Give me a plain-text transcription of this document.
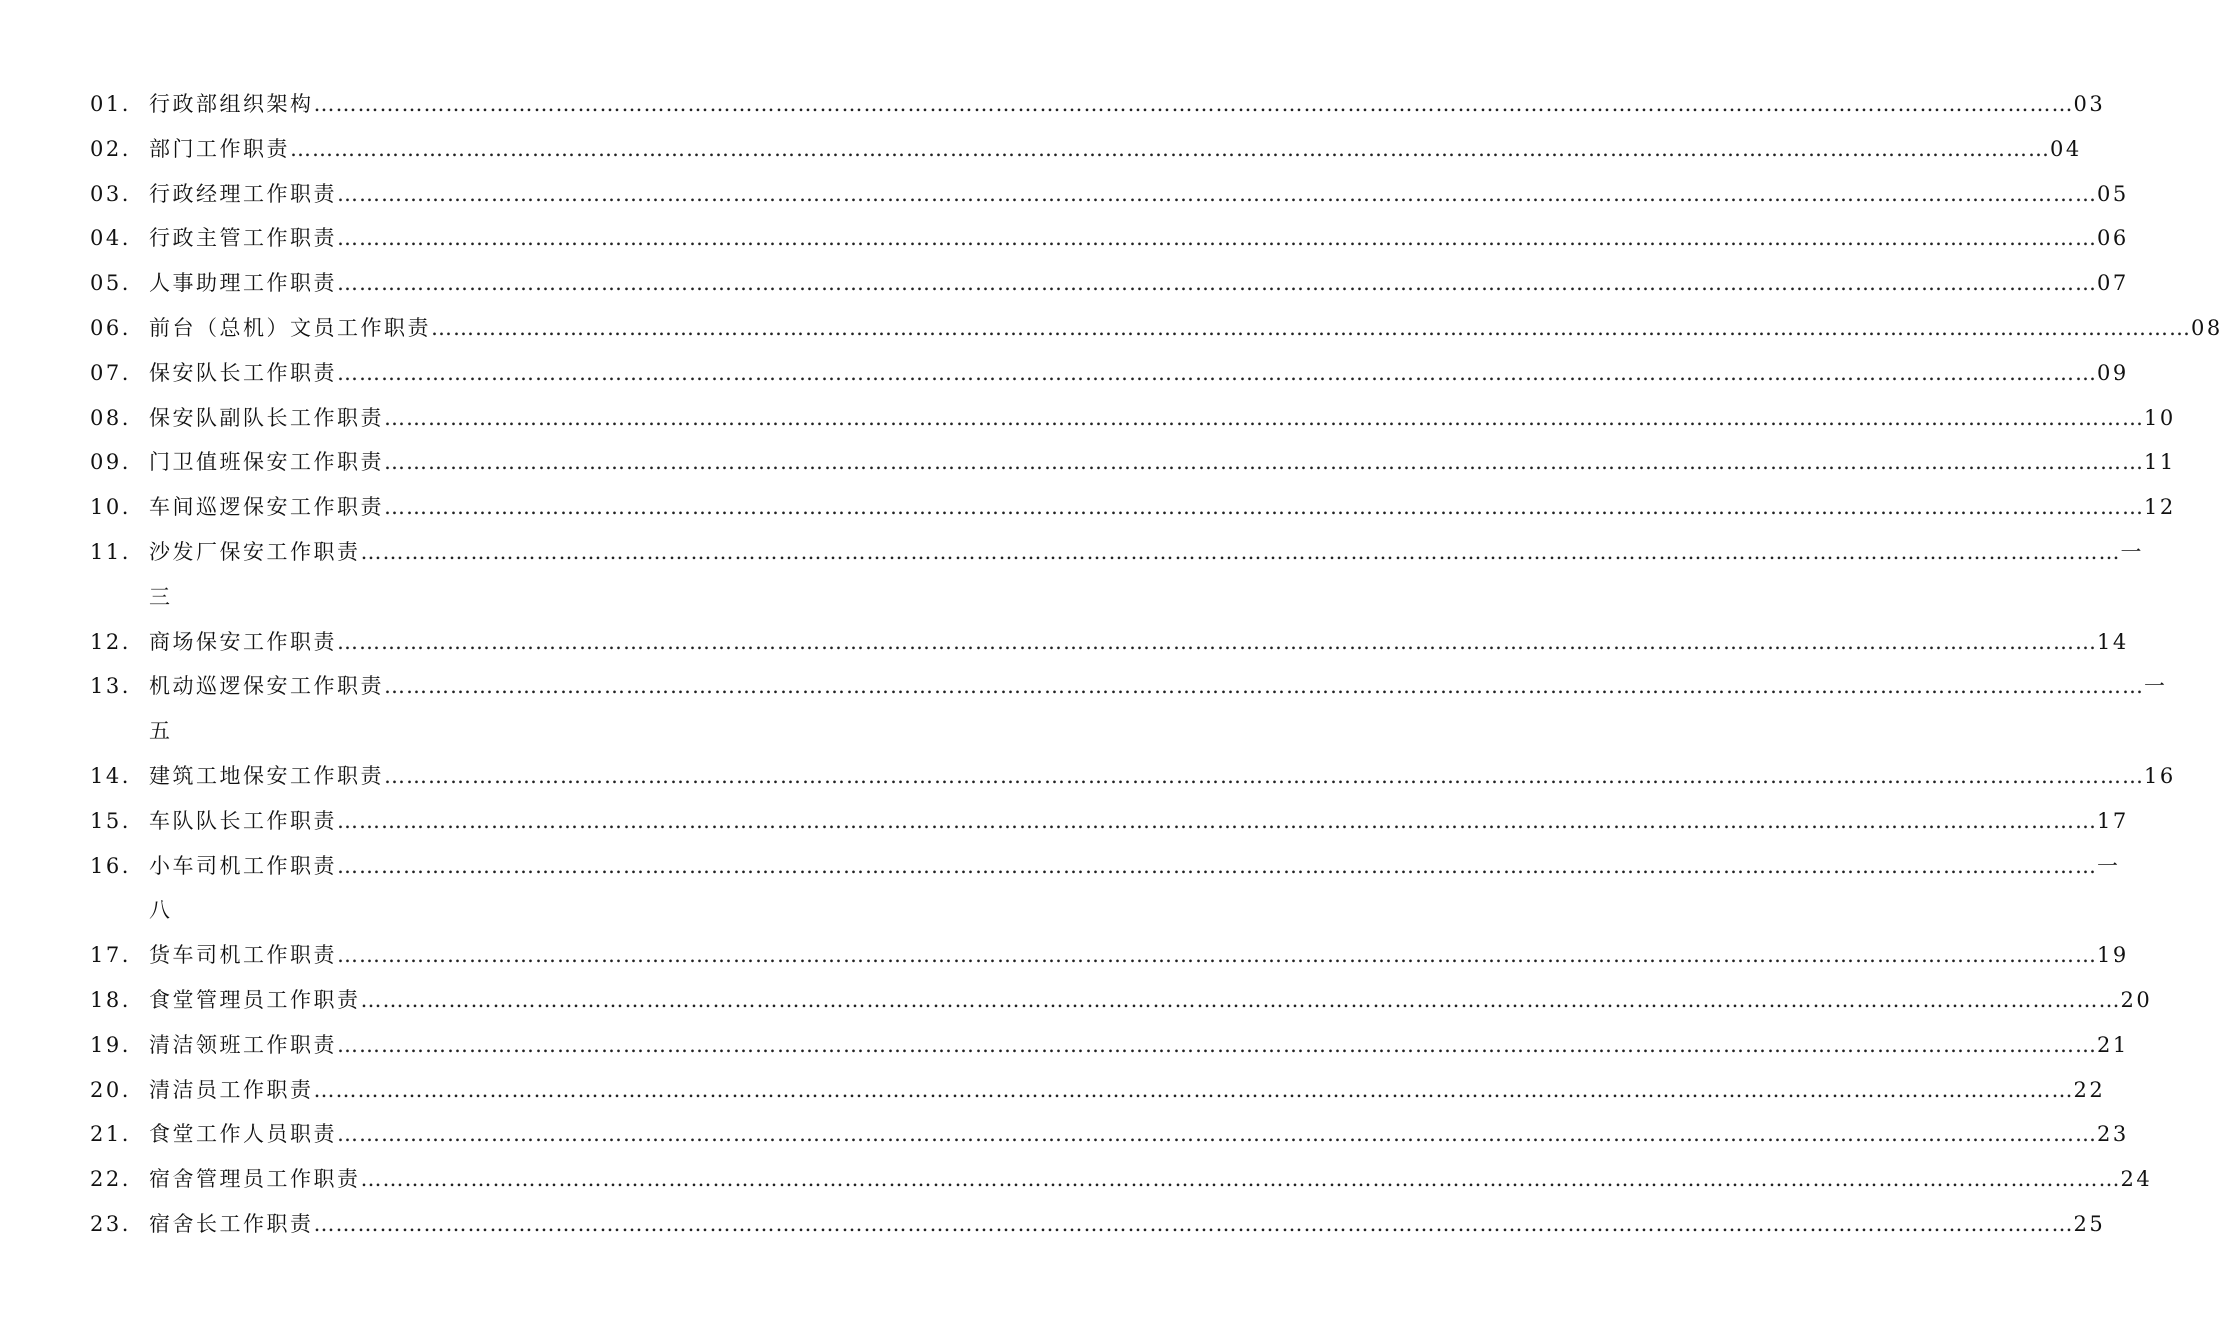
01. 行政部组织架构 …………………………………………………………………………………………………………………………………………………………………………………………………………………… 03
02. 部门工作职责 …………………………………………………………………………………………………………………………………………………………………………………………………………………… 04
03. 行政经理工作职责 …………………………………………………………………………………………………………………………………………………………………………………………………………………… 05
04. 行政主管工作职责 …………………………………………………………………………………………………………………………………………………………………………………………………………………… 06
05. 人事助理工作职责 …………………………………………………………………………………………………………………………………………………………………………………………………………………… 07
06. 前台（总机）文员工作职责 …………………………………………………………………………………………………………………………………………………………………………………………………………………… 08
07. 保安队长工作职责 …………………………………………………………………………………………………………………………………………………………………………………………………………………… 09
08. 保安队副队长工作职责 …………………………………………………………………………………………………………………………………………………………………………………………………………………… 10
09. 门卫值班保安工作职责 …………………………………………………………………………………………………………………………………………………………………………………………………………………… 11
10. 车间巡逻保安工作职责 …………………………………………………………………………………………………………………………………………………………………………………………………………………… 12
11. 沙发厂保安工作职责 …………………………………………………………………………………………………………………………………………………………………………………………………………………… 一
三
12. 商场保安工作职责 …………………………………………………………………………………………………………………………………………………………………………………………………………………… 14
13. 机动巡逻保安工作职责 …………………………………………………………………………………………………………………………………………………………………………………………………………………… 一
五
14. 建筑工地保安工作职责 …………………………………………………………………………………………………………………………………………………………………………………………………………………… 16
15. 车队队长工作职责 …………………………………………………………………………………………………………………………………………………………………………………………………………………… 17
16. 小车司机工作职责 …………………………………………………………………………………………………………………………………………………………………………………………………………………… 一
八
17. 货车司机工作职责 …………………………………………………………………………………………………………………………………………………………………………………………………………………… 19
18. 食堂管理员工作职责 …………………………………………………………………………………………………………………………………………………………………………………………………………………… 20
19. 清洁领班工作职责 …………………………………………………………………………………………………………………………………………………………………………………………………………………… 21
20. 清洁员工作职责 …………………………………………………………………………………………………………………………………………………………………………………………………………………… 22
21. 食堂工作人员职责 …………………………………………………………………………………………………………………………………………………………………………………………………………………… 23
22. 宿舍管理员工作职责 …………………………………………………………………………………………………………………………………………………………………………………………………………………… 24
23. 宿舍长工作职责 …………………………………………………………………………………………………………………………………………………………………………………………………………………… 25
